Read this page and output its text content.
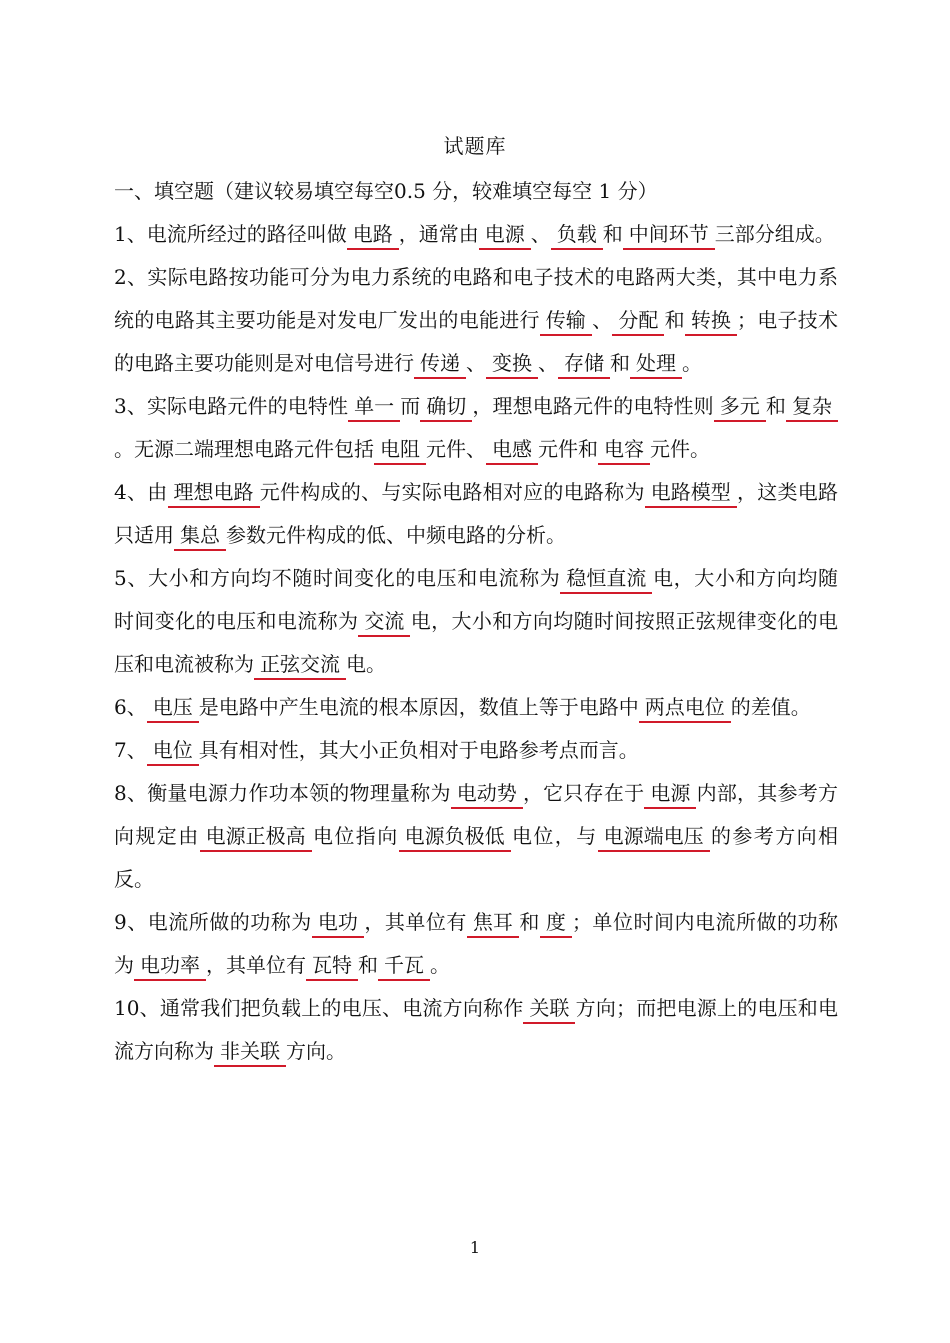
试题库

一、填空题（建议较易填空每空0.5 分，较难填空每空 1 分）

1、电流所经过的路径叫做 电路 ，通常由 电源 、 负载 和 中间环节 三部分组成。

2、实际电路按功能可分为电力系统的电路和电子技术的电路两大类，其中电力系统的电路其主要功能是对发电厂发出的电能进行 传输 、 分配 和 转换 ；电子技术的电路主要功能则是对电信号进行 传递 、 变换 、 存储 和 处理 。

3、实际电路元件的电特性 单一 而 确切 ，理想电路元件的电特性则 多元 和 复杂。无源二端理想电路元件包括 电阻 元件、 电感 元件和 电容 元件。

4、由 理想电路 元件构成的、与实际电路相对应的电路称为 电路模型 ，这类电路只适用 集总 参数元件构成的低、中频电路的分析。

5、大小和方向均不随时间变化的电压和电流称为 稳恒直流 电，大小和方向均随时间变化的电压和电流称为 交流 电，大小和方向均随时间按照正弦规律变化的电压和电流被称为 正弦交流 电。

6、 电压 是电路中产生电流的根本原因，数值上等于电路中 两点电位 的差值。

7、 电位 具有相对性，其大小正负相对于电路参考点而言。

8、衡量电源力作功本领的物理量称为 电动势 ，它只存在于 电源 内部，其参考方向规定由 电源正极高 电位指向 电源负极低 电位，与 电源端电压 的参考方向相反。

9、电流所做的功称为 电功 ，其单位有 焦耳 和 度 ；单位时间内电流所做的功称为 电功率 ，其单位有 瓦特 和 千瓦 。

10、通常我们把负载上的电压、电流方向称作 关联 方向；而把电源上的电压和电流方向称为 非关联 方向。

1
